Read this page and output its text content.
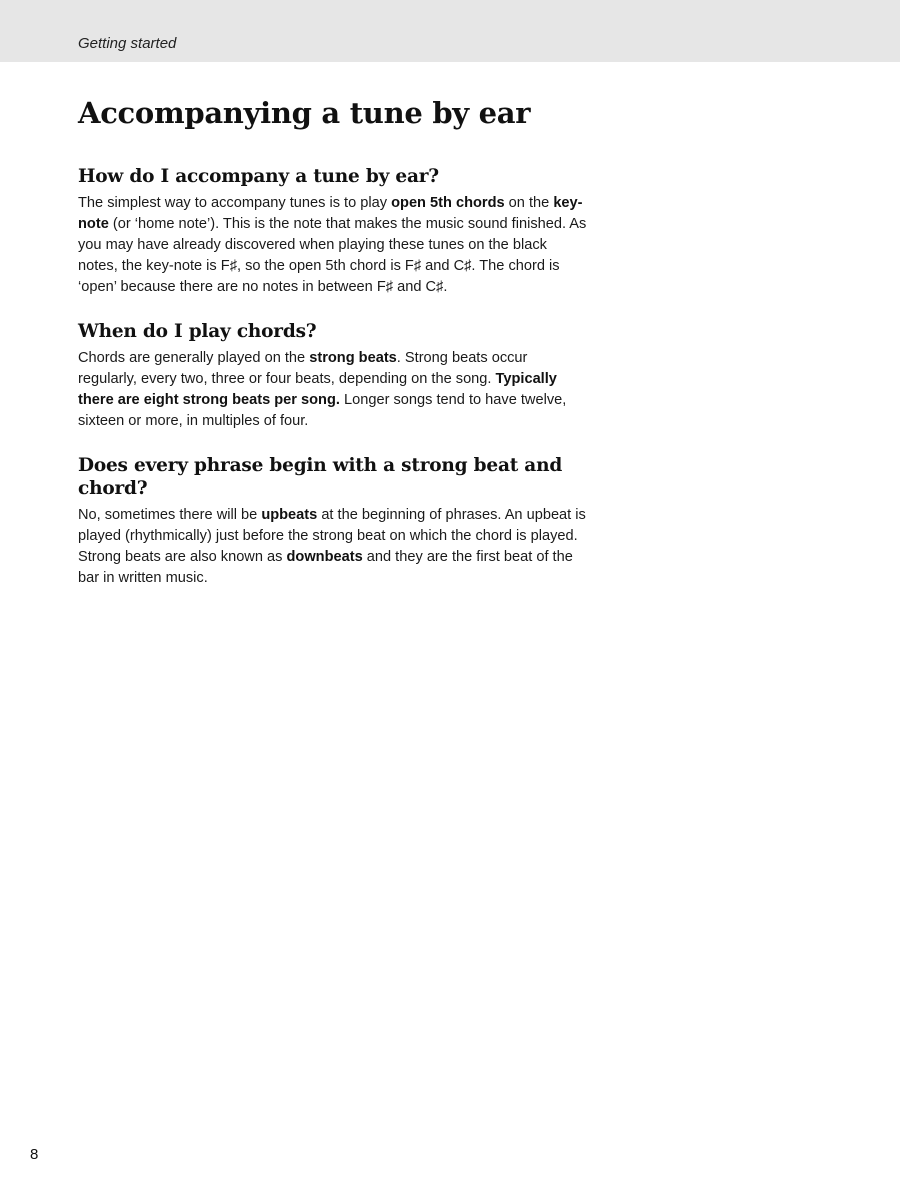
Getting started

Accompanying a tune by ear
How do I accompany a tune by ear?

The simplest way to accompany tunes is to play open 5th chords on the key-note (or ‘home note’). This is the note that makes the music sound finished. As you may have already discovered when playing these tunes on the black notes, the key-note is F♯, so the open 5th chord is F♯ and C♯. The chord is ‘open’ because there are no notes in between F♯ and C♯.

When do I play chords?

Chords are generally played on the strong beats. Strong beats occur regularly, every two, three or four beats, depending on the song. Typically there are eight strong beats per song. Longer songs tend to have twelve, sixteen or more, in multiples of four.

Does every phrase begin with a strong beat and chord?

No, sometimes there will be upbeats at the beginning of phrases. An upbeat is played (rhythmically) just before the strong beat on which the chord is played. Strong beats are also known as downbeats and they are the first beat of the bar in written music.

8
